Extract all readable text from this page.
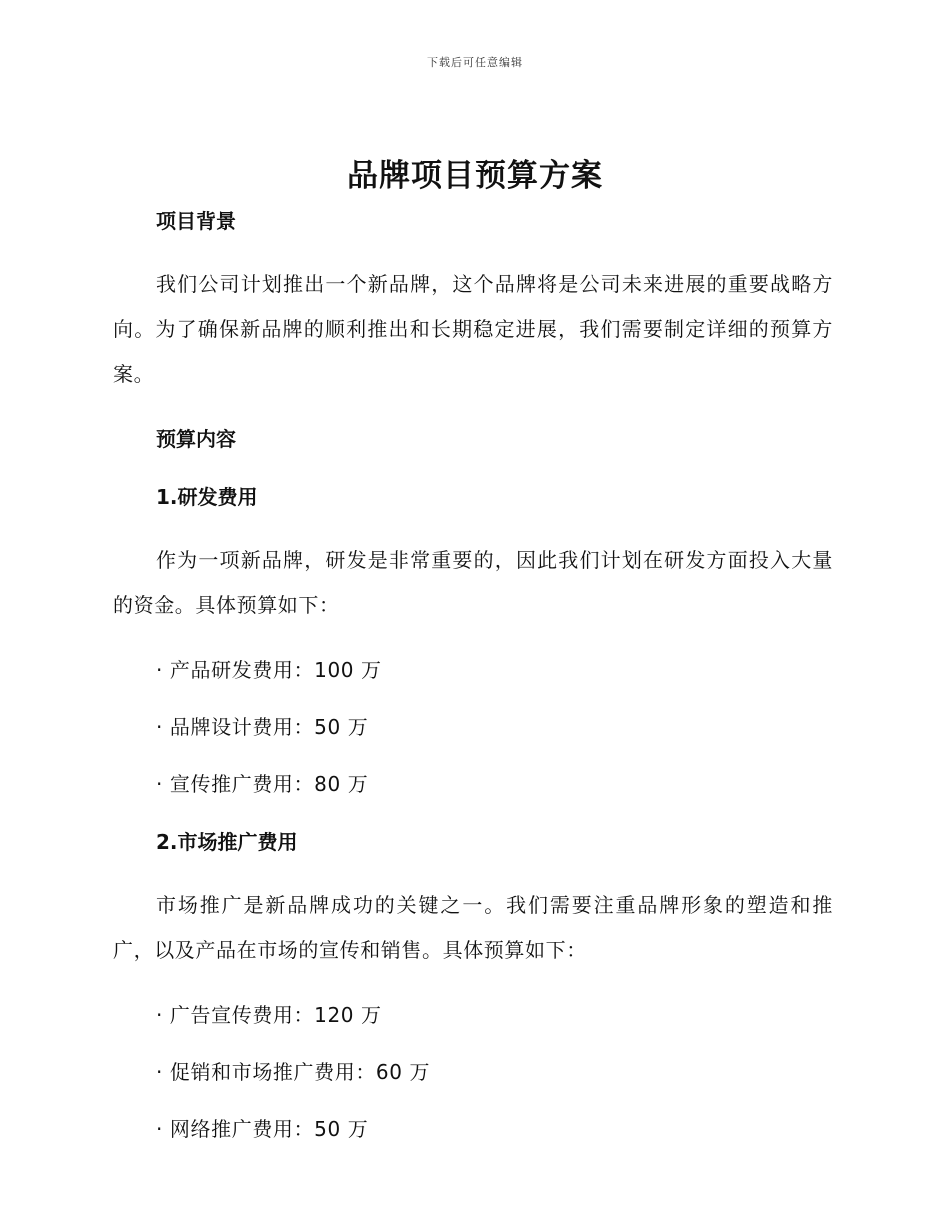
下载后可任意编辑
品牌项目预算方案
项目背景

我们公司计划推出一个新品牌，这个品牌将是公司未来进展的重要战略方向。为了确保新品牌的顺利推出和长期稳定进展，我们需要制定详细的预算方案。

预算内容
1.研发费用

作为一项新品牌，研发是非常重要的，因此我们计划在研发方面投入大量的资金。具体预算如下：

· 产品研发费用：100 万
· 品牌设计费用：50 万
· 宣传推广费用：80 万
2.市场推广费用

市场推广是新品牌成功的关键之一。我们需要注重品牌形象的塑造和推广，以及产品在市场的宣传和销售。具体预算如下：

· 广告宣传费用：120 万
· 促销和市场推广费用：60 万
· 网络推广费用：50 万
